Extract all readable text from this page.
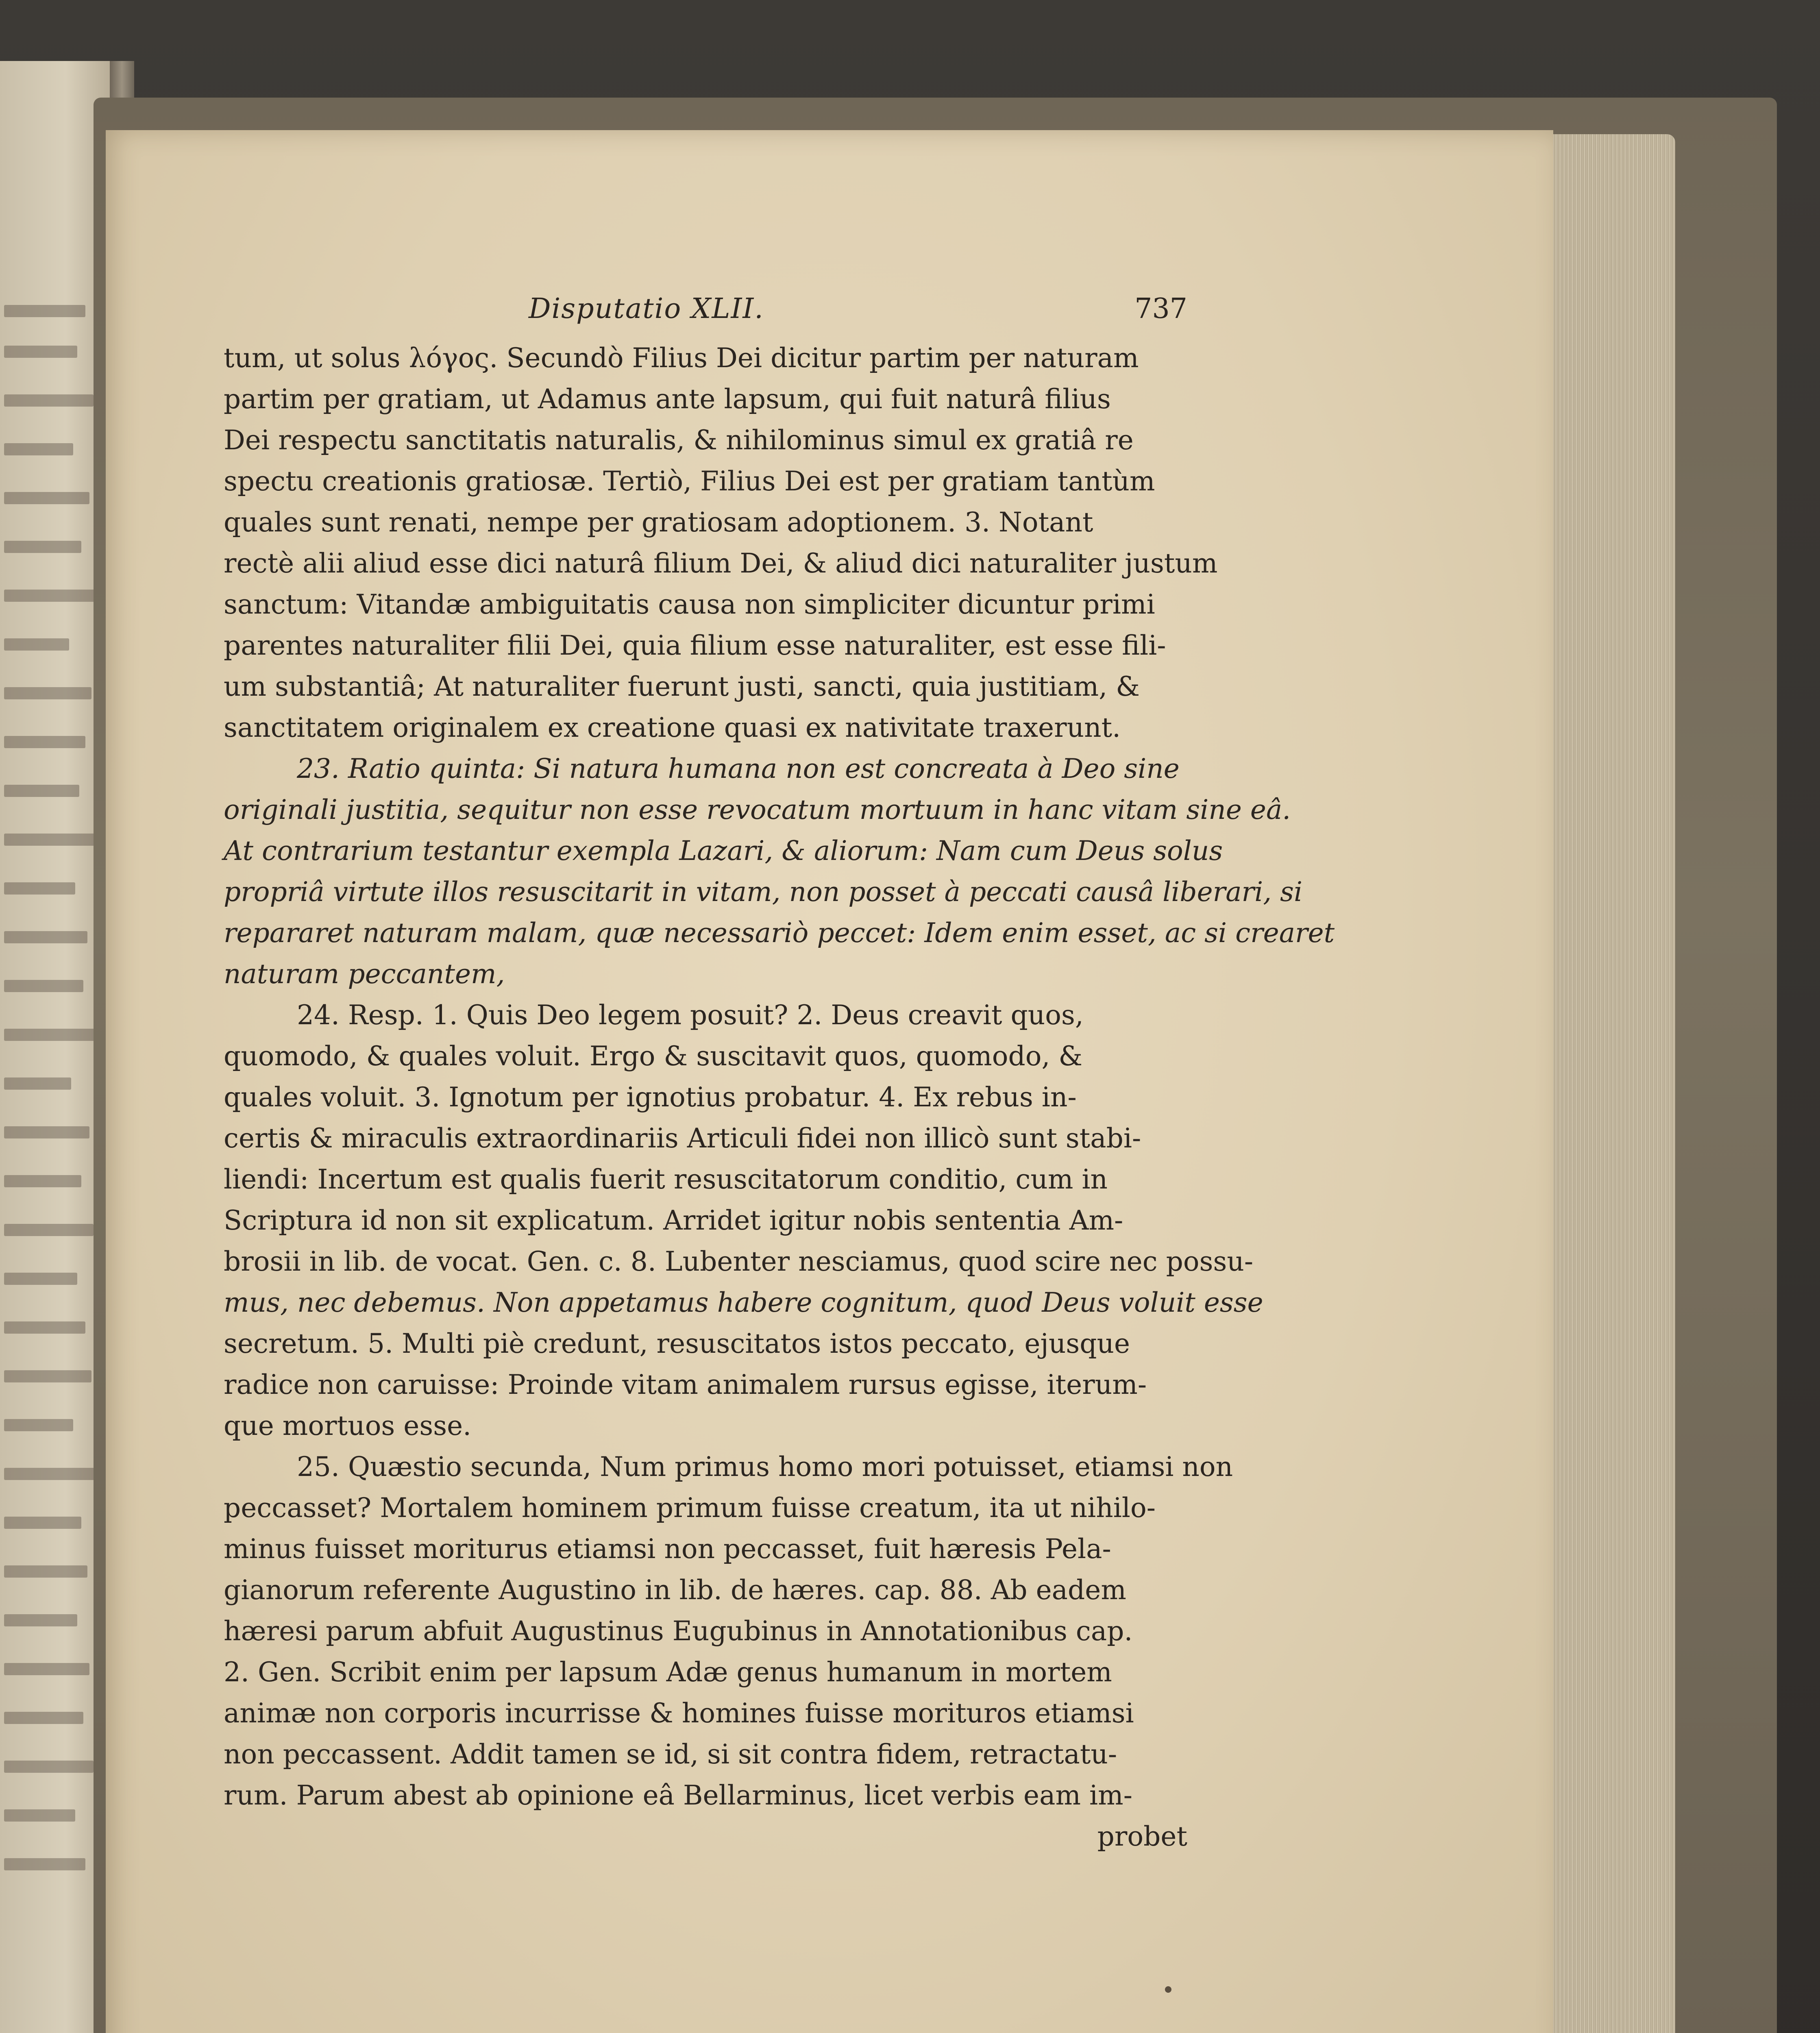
Disputatio XLII.	737
tum, ut solus λόγος. Secundò Filius Dei dicitur partim per naturam
partim per gratiam, ut Adamus ante lapsum, qui fuit naturâ filius
Dei respectu sanctitatis naturalis, & nihilominus simul ex gratiâ re
spectu creationis gratiosæ. Tertiò, Filius Dei est per gratiam tantùm
quales sunt renati, nempe per gratiosam adoptionem. 3. Notant
rectè alii aliud esse dici naturâ filium Dei, & aliud dici naturaliter justum
sanctum: Vitandæ ambiguitatis causa non simpliciter dicuntur primi
parentes naturaliter filii Dei, quia filium esse naturaliter, est esse fili-
um substantiâ; At naturaliter fuerunt justi, sancti, quia justitiam, &
sanctitatem originalem ex creatione quasi ex nativitate traxerunt.
23. Ratio quinta: Si natura humana non est concreata à Deo sine
originali justitia, sequitur non esse revocatum mortuum in hanc vitam sine eâ.
At contrarium testantur exempla Lazari, & aliorum: Nam cum Deus solus
propriâ virtute illos resuscitarit in vitam, non posset à peccati causâ liberari, si
repararet naturam malam, quæ necessariò peccet: Idem enim esset, ac si crearet
naturam peccantem,
24. Resp. 1. Quis Deo legem posuit? 2. Deus creavit quos,
quomodo, & quales voluit. Ergo & suscitavit quos, quomodo, &
quales voluit. 3. Ignotum per ignotius probatur. 4. Ex rebus in-
certis & miraculis extraordinariis Articuli fidei non illicò sunt stabi-
liendi: Incertum est qualis fuerit resuscitatorum conditio, cum in
Scriptura id non sit explicatum. Arridet igitur nobis sententia Am-
brosii in lib. de vocat. Gen. c. 8. Lubenter nesciamus, quod scire nec possu-
mus, nec debemus. Non appetamus habere cognitum, quod Deus voluit esse
secretum. 5. Multi piè credunt, resuscitatos istos peccato, ejusque
radice non caruisse: Proinde vitam animalem rursus egisse, iterum-
que mortuos esse.
25. Quæstio secunda, Num primus homo mori potuisset, etiamsi non
peccasset? Mortalem hominem primum fuisse creatum, ita ut nihilo-
minus fuisset moriturus etiamsi non peccasset, fuit hæresis Pela-
gianorum referente Augustino in lib. de hæres. cap. 88. Ab eadem
hæresi parum abfuit Augustinus Eugubinus in Annotationibus cap.
2. Gen. Scribit enim per lapsum Adæ genus humanum in mortem
animæ non corporis incurrisse & homines fuisse morituros etiamsi
non peccassent. Addit tamen se id, si sit contra fidem, retractatu-
rum. Parum abest ab opinione eâ Bellarminus, licet verbis eam im-
probet
